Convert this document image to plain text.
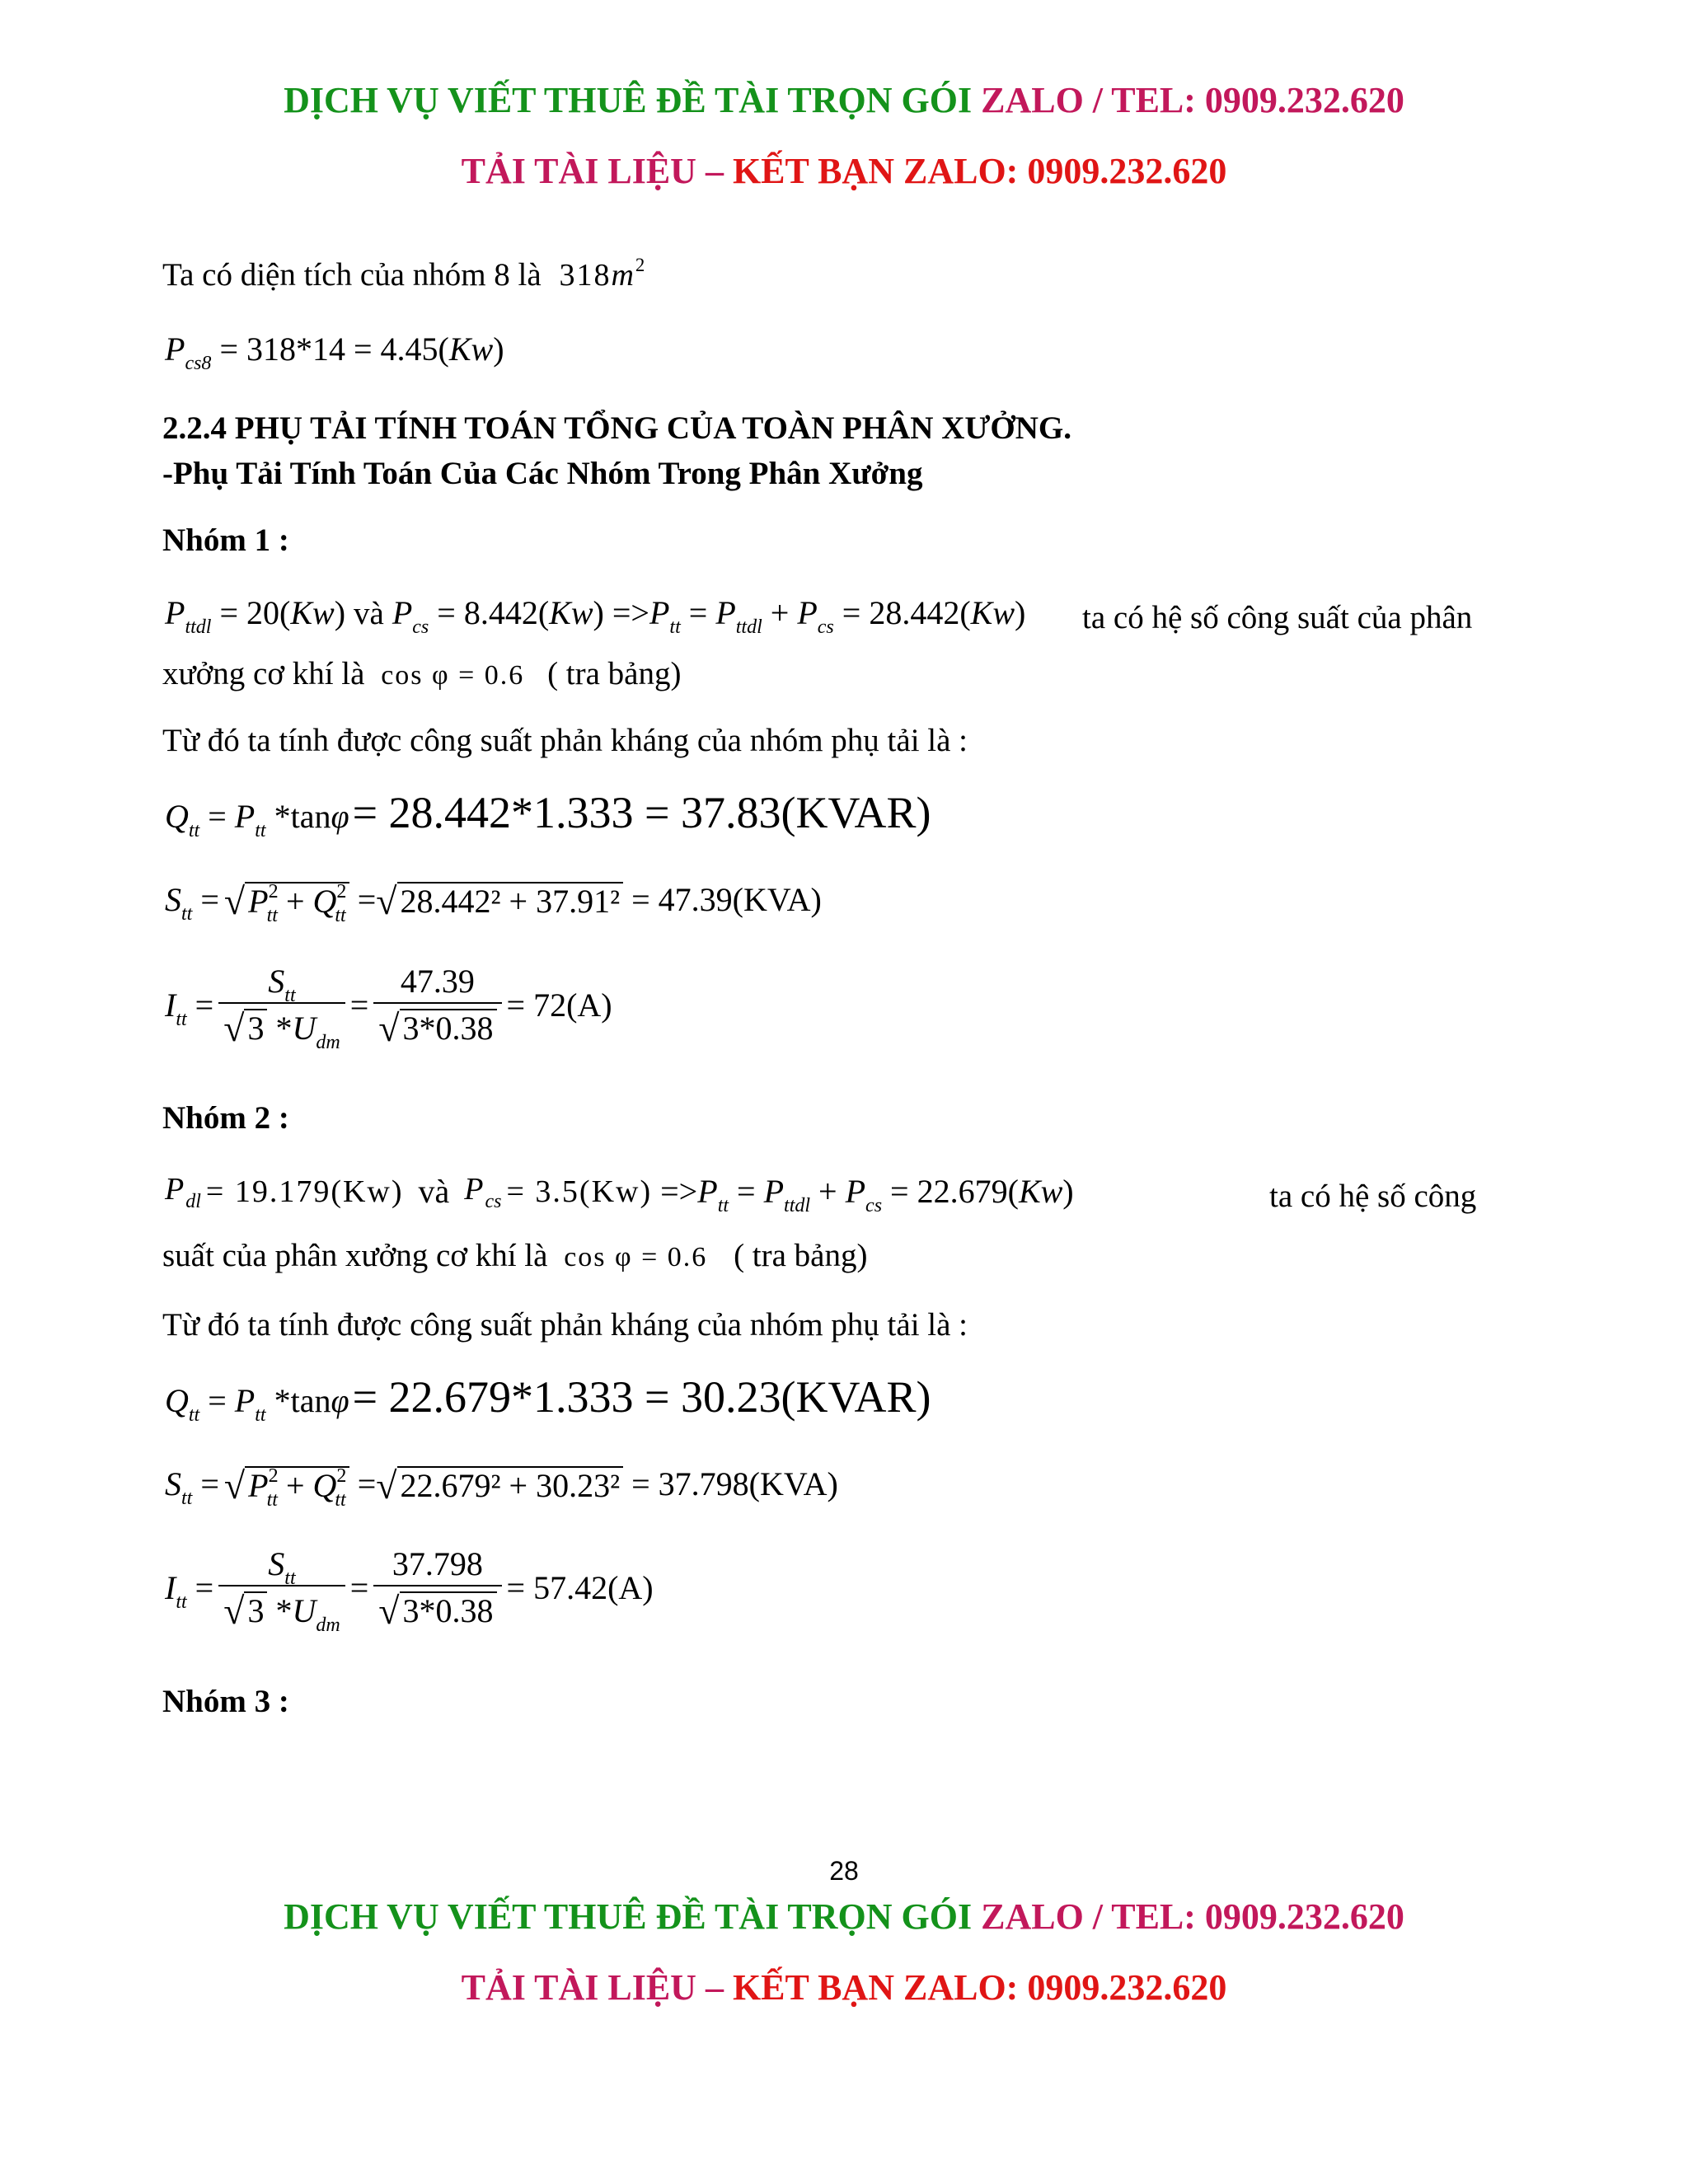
DỊCH VỤ VIẾT THUÊ ĐỀ TÀI TRỌN GÓI ZALO / TEL: 0909.232.620
TẢI TÀI LIỆU – KẾT BẠN ZALO: 0909.232.620
Ta có diện tích của nhóm 8 là $318m^2$
$P_{cs8} = 318*14 = 4.45(Kw)$
2.2.4 PHỤ TẢI TÍNH TOÁN TỔNG CỦA TOÀN PHÂN XƯỞNG.
-Phụ Tải Tính Toán Của Các Nhóm Trong Phân Xưởng
Nhóm 1 :
$P_{ttdl} = 20(Kw)$ và $P_{cs} = 8.442(Kw) =>P_{tt} = P_{ttdl} + P_{cs} = 28.442(Kw)$ ta có hệ số công suất của phân
xưởng cơ khí là cos φ = 0.6 ( tra bảng)
Từ đó ta tính được công suất phản kháng của nhóm phụ tải là :
$Q_{tt} = P_{tt}$ *tanφ = 28.442*1.333 = 37.83(KVAR)
$S_{tt}$ = √ $P^2_{tt} + Q^2_{tt}$ = √ 28.442² + 37.91² = 47.39(KVA)
$I_{tt} = \frac{S_{tt}}{√ 3 *U_{dm}} = \frac{47.39}{√ 3*0.38} = 72(A)$
Nhóm 2 :
$P_{dl} = 19.179(Kw)$ và $P_{cs} = 3.5(Kw) =>P_{tt} = P_{ttdl} + P_{cs} = 22.679(Kw)$	ta có hệ số công
suất của phân xưởng cơ khí là cos φ = 0.6 ( tra bảng)
Từ đó ta tính được công suất phản kháng của nhóm phụ tải là :
$Q_{tt} = P_{tt}$ *tanφ = 22.679*1.333 = 30.23(KVAR)
$S_{tt}$ = √ $P^2_{tt} + Q^2_{tt}$ = √ 22.679² + 30.23² = 37.798(KVA)
$I_{tt} = \frac{S_{tt}}{√ 3 *U_{dm}} = \frac{37.798}{√ 3*0.38} = 57.42(A)$
Nhóm 3 :
28
DỊCH VỤ VIẾT THUÊ ĐỀ TÀI TRỌN GÓI ZALO / TEL: 0909.232.620
TẢI TÀI LIỆU – KẾT BẠN ZALO: 0909.232.620
